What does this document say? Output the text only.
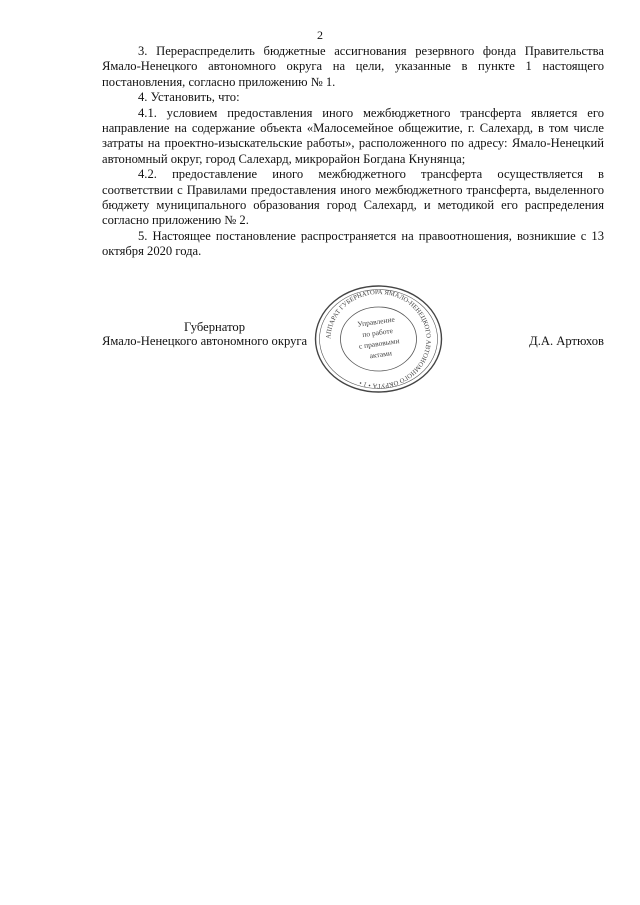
2

3. Перераспределить бюджетные ассигнования резервного фонда Правительства Ямало-Ненецкого автономного округа на цели, указанные в пункте 1 настоящего постановления, согласно приложению № 1.

4. Установить, что:

4.1. условием предоставления иного межбюджетного трансферта является его направление на содержание объекта «Малосемейное общежитие, г. Салехард, в том числе затраты на проектно-изыскательские работы», расположенного по адресу: Ямало-Ненецкий автономный округ, город Салехард, микрорайон Богдана Кнунянца;

4.2. предоставление иного межбюджетного трансферта осуществляется в соответствии с Правилами предоставления иного межбюджетного трансферта, выделенного бюджету муниципального образования город Салехард, и методикой его распределения согласно приложению № 2.

5. Настоящее постановление распространяется на правоотношения, возникшие с 13 октября 2020 года.

Губернатор
Ямало-Ненецкого автономного округа	Д.А. Артюхов
АППАРАТ ГУБЕРНАТОРА ЯМАЛО-НЕНЕЦКОГО АВТОНОМНОГО ОКРУГА • 1 •
Управление
по работе
с правовыми
актами
